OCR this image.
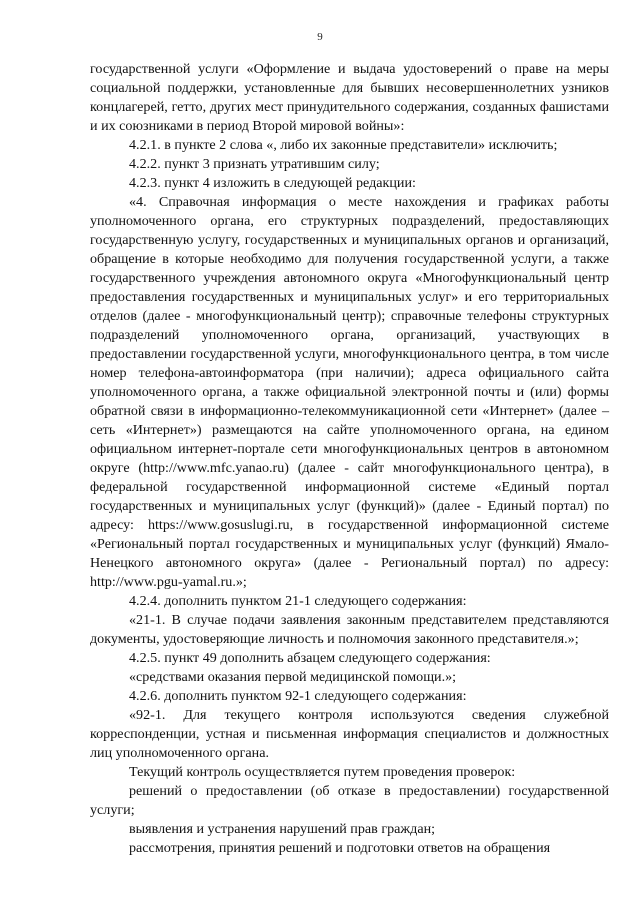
9

государственной услуги «Оформление и выдача удостоверений о праве на меры социальной поддержки, установленные для бывших несовершеннолетних узников концлагерей, гетто, других мест принудительного содержания, созданных фашистами и их союзниками в период Второй мировой войны»:

4.2.1. в пункте 2 слова «, либо их законные представители» исключить;

4.2.2. пункт 3 признать утратившим силу;

4.2.3. пункт 4 изложить в следующей редакции:

«4. Справочная информация о месте нахождения и графиках работы уполномоченного органа, его структурных подразделений, предоставляющих государственную услугу, государственных и муниципальных органов и организаций, обращение в которые необходимо для получения государственной услуги, а также государственного учреждения автономного округа «Многофункциональный центр предоставления государственных и муниципальных услуг» и его территориальных отделов (далее - многофункциональный центр); справочные телефоны структурных подразделений уполномоченного органа, организаций, участвующих в предоставлении государственной услуги, многофункционального центра, в том числе номер телефона-автоинформатора (при наличии); адреса официального сайта уполномоченного органа, а также официальной электронной почты и (или) формы обратной связи в информационно-телекоммуникационной сети «Интернет» (далее – сеть «Интернет») размещаются на сайте уполномоченного органа, на едином официальном интернет-портале сети многофункциональных центров в автономном округе (http://www.mfc.yanao.ru) (далее - сайт многофункционального центра), в федеральной государственной информационной системе «Единый портал государственных и муниципальных услуг (функций)» (далее - Единый портал) по адресу: https://www.gosuslugi.ru, в государственной информационной системе «Региональный портал государственных и муниципальных услуг (функций) Ямало-Ненецкого автономного округа» (далее - Региональный портал) по адресу: http://www.pgu-yamal.ru.»;

4.2.4. дополнить пунктом 21-1 следующего содержания:

«21-1. В случае подачи заявления законным представителем представляются документы, удостоверяющие личность и полномочия законного представителя.»;

4.2.5. пункт 49 дополнить абзацем следующего содержания:

«средствами оказания первой медицинской помощи.»;

4.2.6. дополнить пунктом 92-1 следующего содержания:

«92-1. Для текущего контроля используются сведения служебной корреспонденции, устная и письменная информация специалистов и должностных лиц уполномоченного органа.

Текущий контроль осуществляется путем проведения проверок:

решений о предоставлении (об отказе в предоставлении) государственной услуги;

выявления и устранения нарушений прав граждан;

рассмотрения, принятия решений и подготовки ответов на обращения
